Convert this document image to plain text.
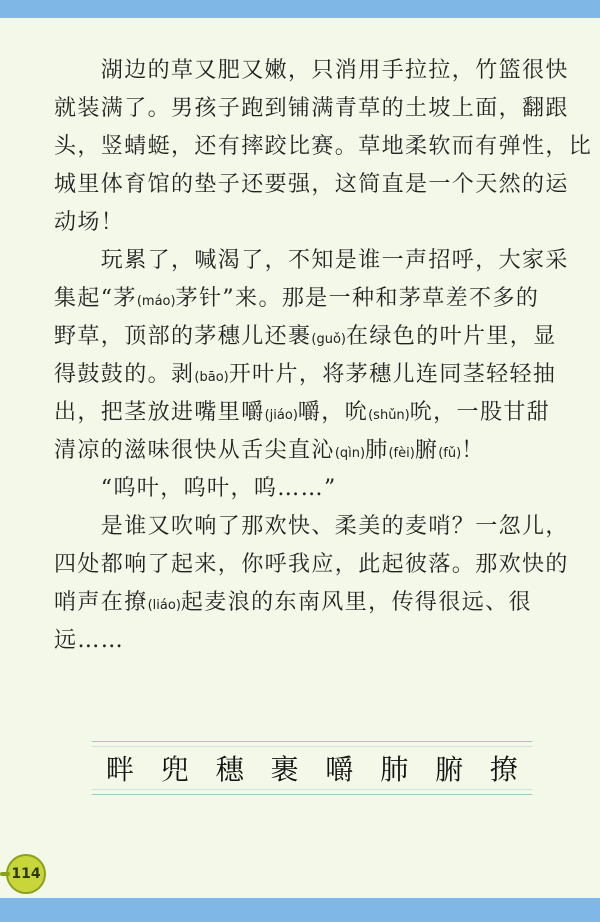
　　湖边的草又肥又嫩，只消用手拉拉，竹篮很快
就装满了。男孩子跑到铺满青草的土坡上面，翻跟
头，竖蜻蜓，还有摔跤比赛。草地柔软而有弹性，比
城里体育馆的垫子还要强，这简直是一个天然的运
动场！
　　玩累了，喊渴了，不知是谁一声招呼，大家采
集起“茅(máo)茅针”来。那是一种和茅草差不多的
野草，顶部的茅穗儿还裹(guǒ)在绿色的叶片里，显
得鼓鼓的。剥(bāo)开叶片，将茅穗儿连同茎轻轻抽
出，把茎放进嘴里嚼(jiáo)嚼，吮(shǔn)吮，一股甘甜
清凉的滋味很快从舌尖直沁(qìn)肺(fèi)腑(fǔ)！
　　“呜叶，呜叶，呜……”
　　是谁又吹响了那欢快、柔美的麦哨？一忽儿，
四处都响了起来，你呼我应，此起彼落。那欢快的
哨声在撩(liáo)起麦浪的东南风里，传得很远、很
远……
畔 兜 穗 裹 嚼 肺 腑 撩
114
